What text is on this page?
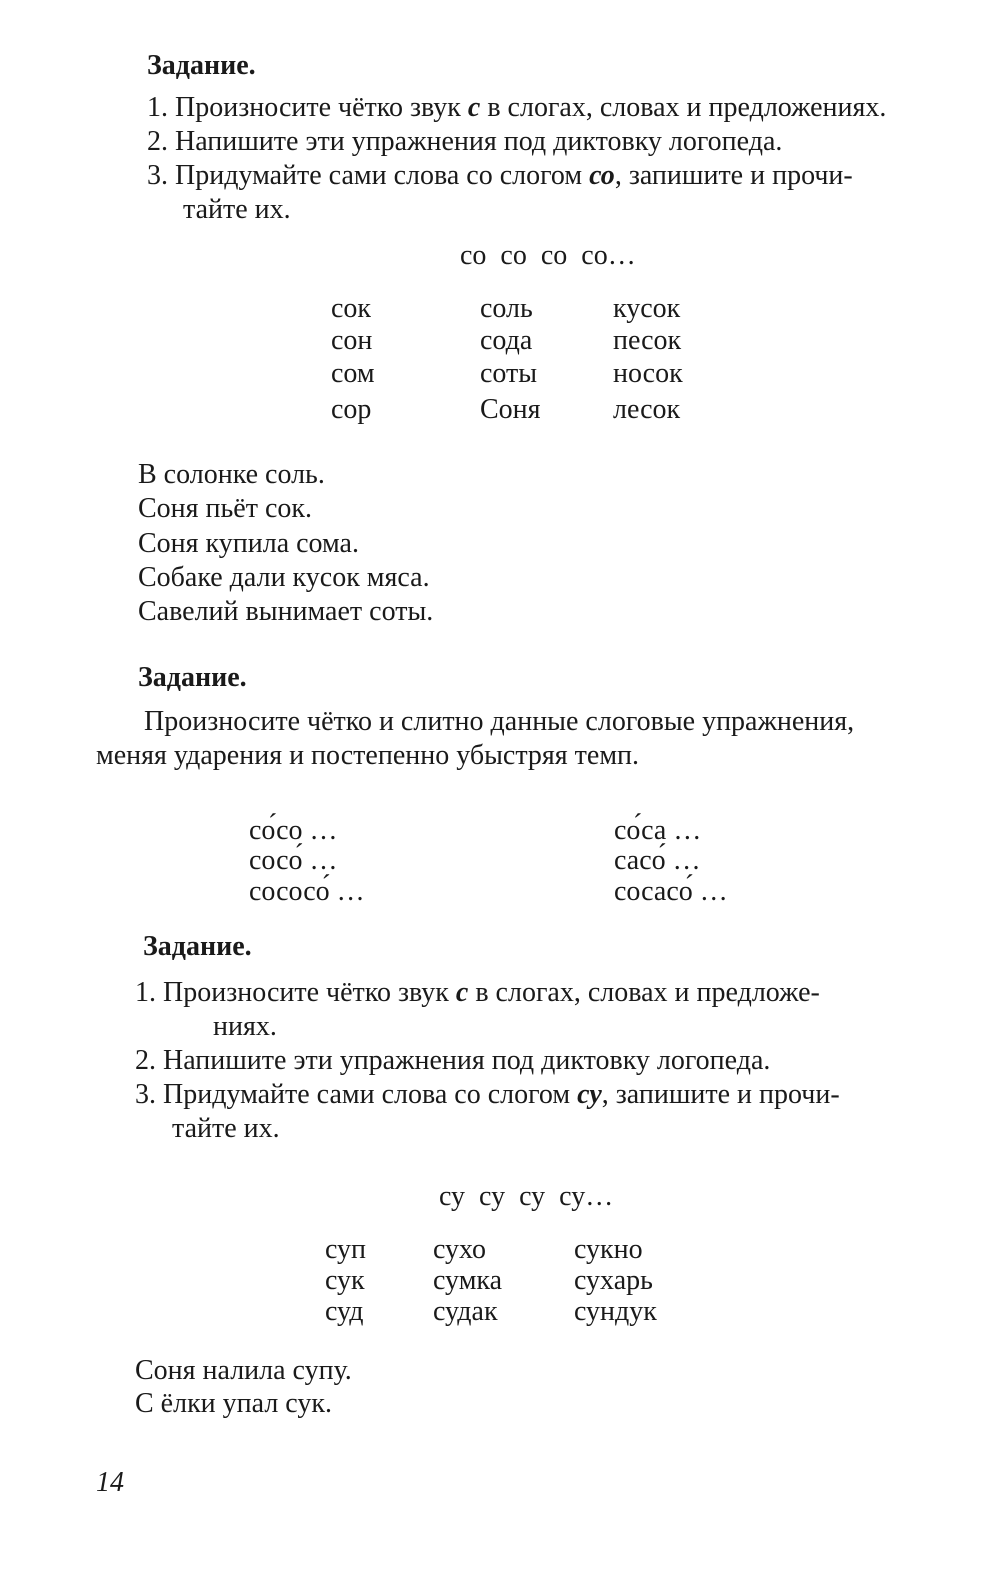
Задание.
1. Произносите чётко звук с в слогах, словах и предложениях.
2. Напишите эти упражнения под диктовку логопеда.
3. Придумайте сами слова со слогом со, запишите и прочи-
тайте их.
со  со  со  со…
сок
сон
сом
сор
соль
сода
соты
Соня
кусок
песок
носок
лесок
В солонке соль.
Соня пьёт сок.
Соня купила сома.
Собаке дали кусок мяса.
Савелий вынимает соты.
Задание.
Произносите чётко и слитно данные слоговые упражнения,
меняя ударения и постепенно убыстряя темп.
со́со …
сосо́ …
сососо́ …
со́са …
сасо́ …
сосасо́ …
Задание.
1. Произносите чётко звук с в слогах, словах и предложе-
ниях.
2. Напишите эти упражнения под диктовку логопеда.
3. Придумайте сами слова со слогом су, запишите и прочи-
тайте их.
су  су  су  су…
суп
сук
суд
сухо
сумка
судак
сукно
сухарь
сундук
Соня налила супу.
С ёлки упал сук.
14
